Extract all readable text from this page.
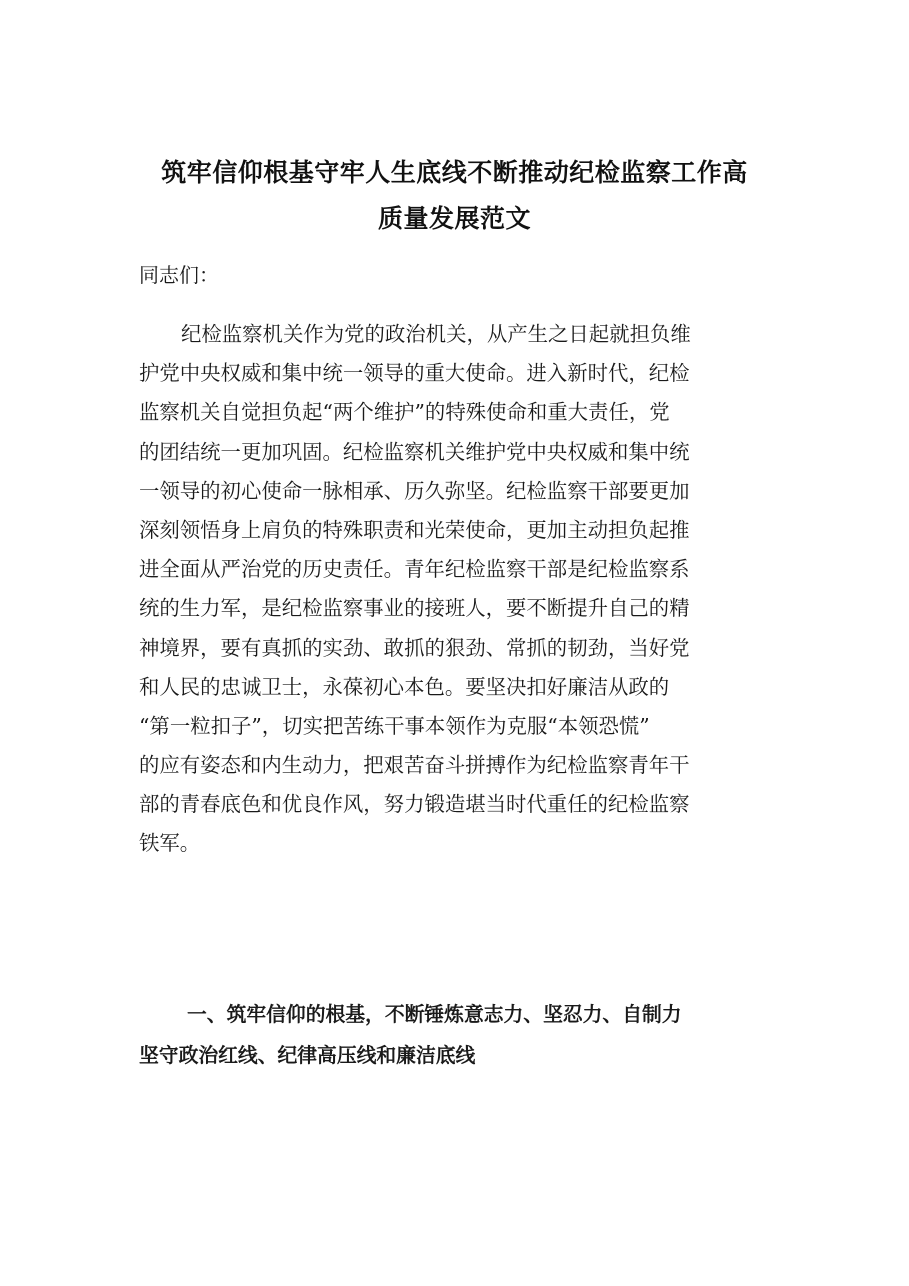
筑牢信仰根基守牢人生底线不断推动纪检监察工作高
质量发展范文
同志们：
纪检监察机关作为党的政治机关，从产生之日起就担负维
护党中央权威和集中统一领导的重大使命。进入新时代，纪检
监察机关自觉担负起“两个维护”的特殊使命和重大责任，党
的团结统一更加巩固。纪检监察机关维护党中央权威和集中统
一领导的初心使命一脉相承、历久弥坚。纪检监察干部要更加
深刻领悟身上肩负的特殊职责和光荣使命，更加主动担负起推
进全面从严治党的历史责任。青年纪检监察干部是纪检监察系
统的生力军，是纪检监察事业的接班人，要不断提升自己的精
神境界，要有真抓的实劲、敢抓的狠劲、常抓的韧劲，当好党
和人民的忠诚卫士，永葆初心本色。要坚决扣好廉洁从政的
“第一粒扣子”，切实把苦练干事本领作为克服“本领恐慌”
的应有姿态和内生动力，把艰苦奋斗拼搏作为纪检监察青年干
部的青春底色和优良作风，努力锻造堪当时代重任的纪检监察
铁军。
一、筑牢信仰的根基，不断锤炼意志力、坚忍力、自制力
坚守政治红线、纪律高压线和廉洁底线
